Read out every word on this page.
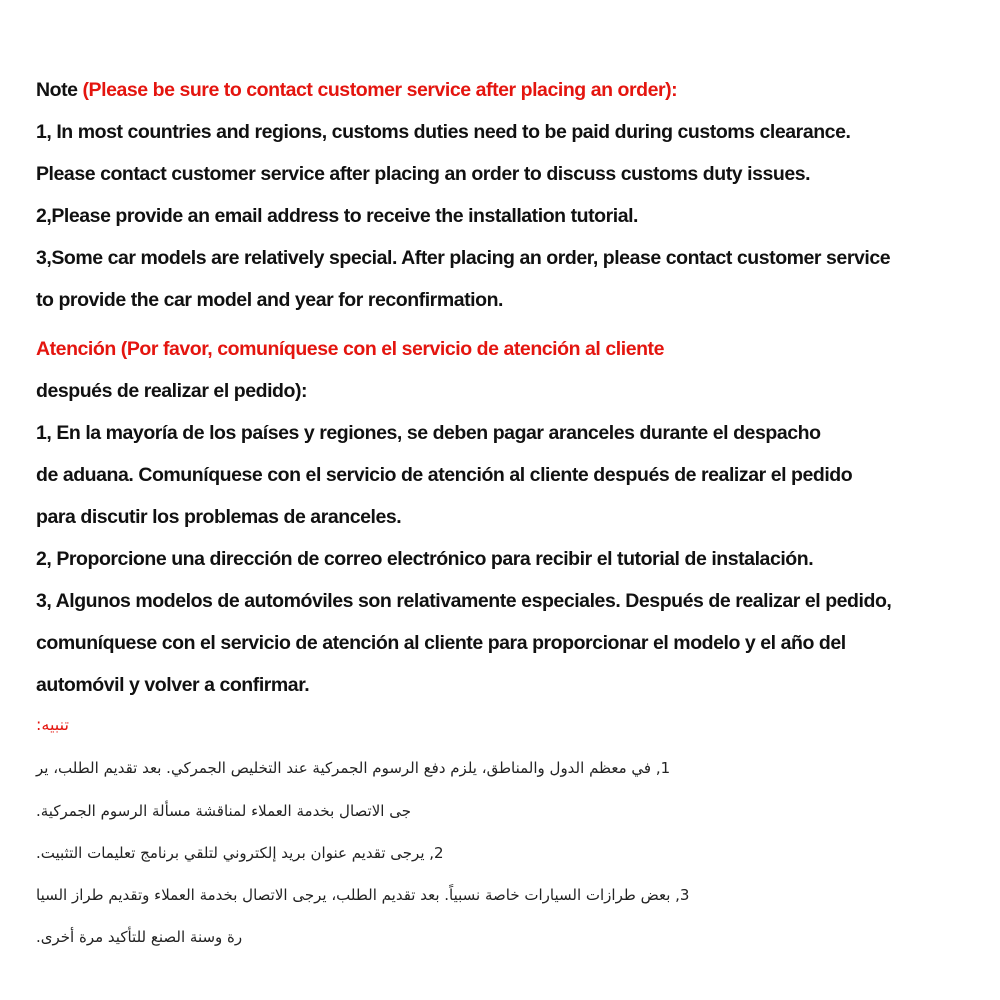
Note (Please be sure to contact customer service after placing an order):
1, In most countries and regions, customs duties need to be paid during customs clearance.
Please contact customer service after placing an order to discuss customs duty issues.
2,Please provide an email address to receive the installation tutorial.
3,Some car models are relatively special. After placing an order, please contact customer service
to provide the car model and year for reconfirmation.
Atención (Por favor, comuníquese con el servicio de atención al cliente
después de realizar el pedido):
1, En la mayoría de los países y regiones, se deben pagar aranceles durante el despacho
de aduana. Comuníquese con el servicio de atención al cliente después de realizar el pedido
para discutir los problemas de aranceles.
2, Proporcione una dirección de correo electrónico para recibir el tutorial de instalación.
3, Algunos modelos de automóviles son relativamente especiales. Después de realizar el pedido,
comuníquese con el servicio de atención al cliente para proporcionar el modelo y el año del
automóvil y volver a confirmar.
تنبيه:
1, في معظم الدول والمناطق، يلزم دفع الرسوم الجمركية عند التخليص الجمركي. بعد تقديم الطلب، ير
جى الاتصال بخدمة العملاء لمناقشة مسألة الرسوم الجمركية.
2, يرجى تقديم عنوان بريد إلكتروني لتلقي برنامج تعليمات التثبيت.
3, بعض طرازات السيارات خاصة نسبياً. بعد تقديم الطلب، يرجى الاتصال بخدمة العملاء وتقديم طراز السيا
رة وسنة الصنع للتأكيد مرة أخرى.
